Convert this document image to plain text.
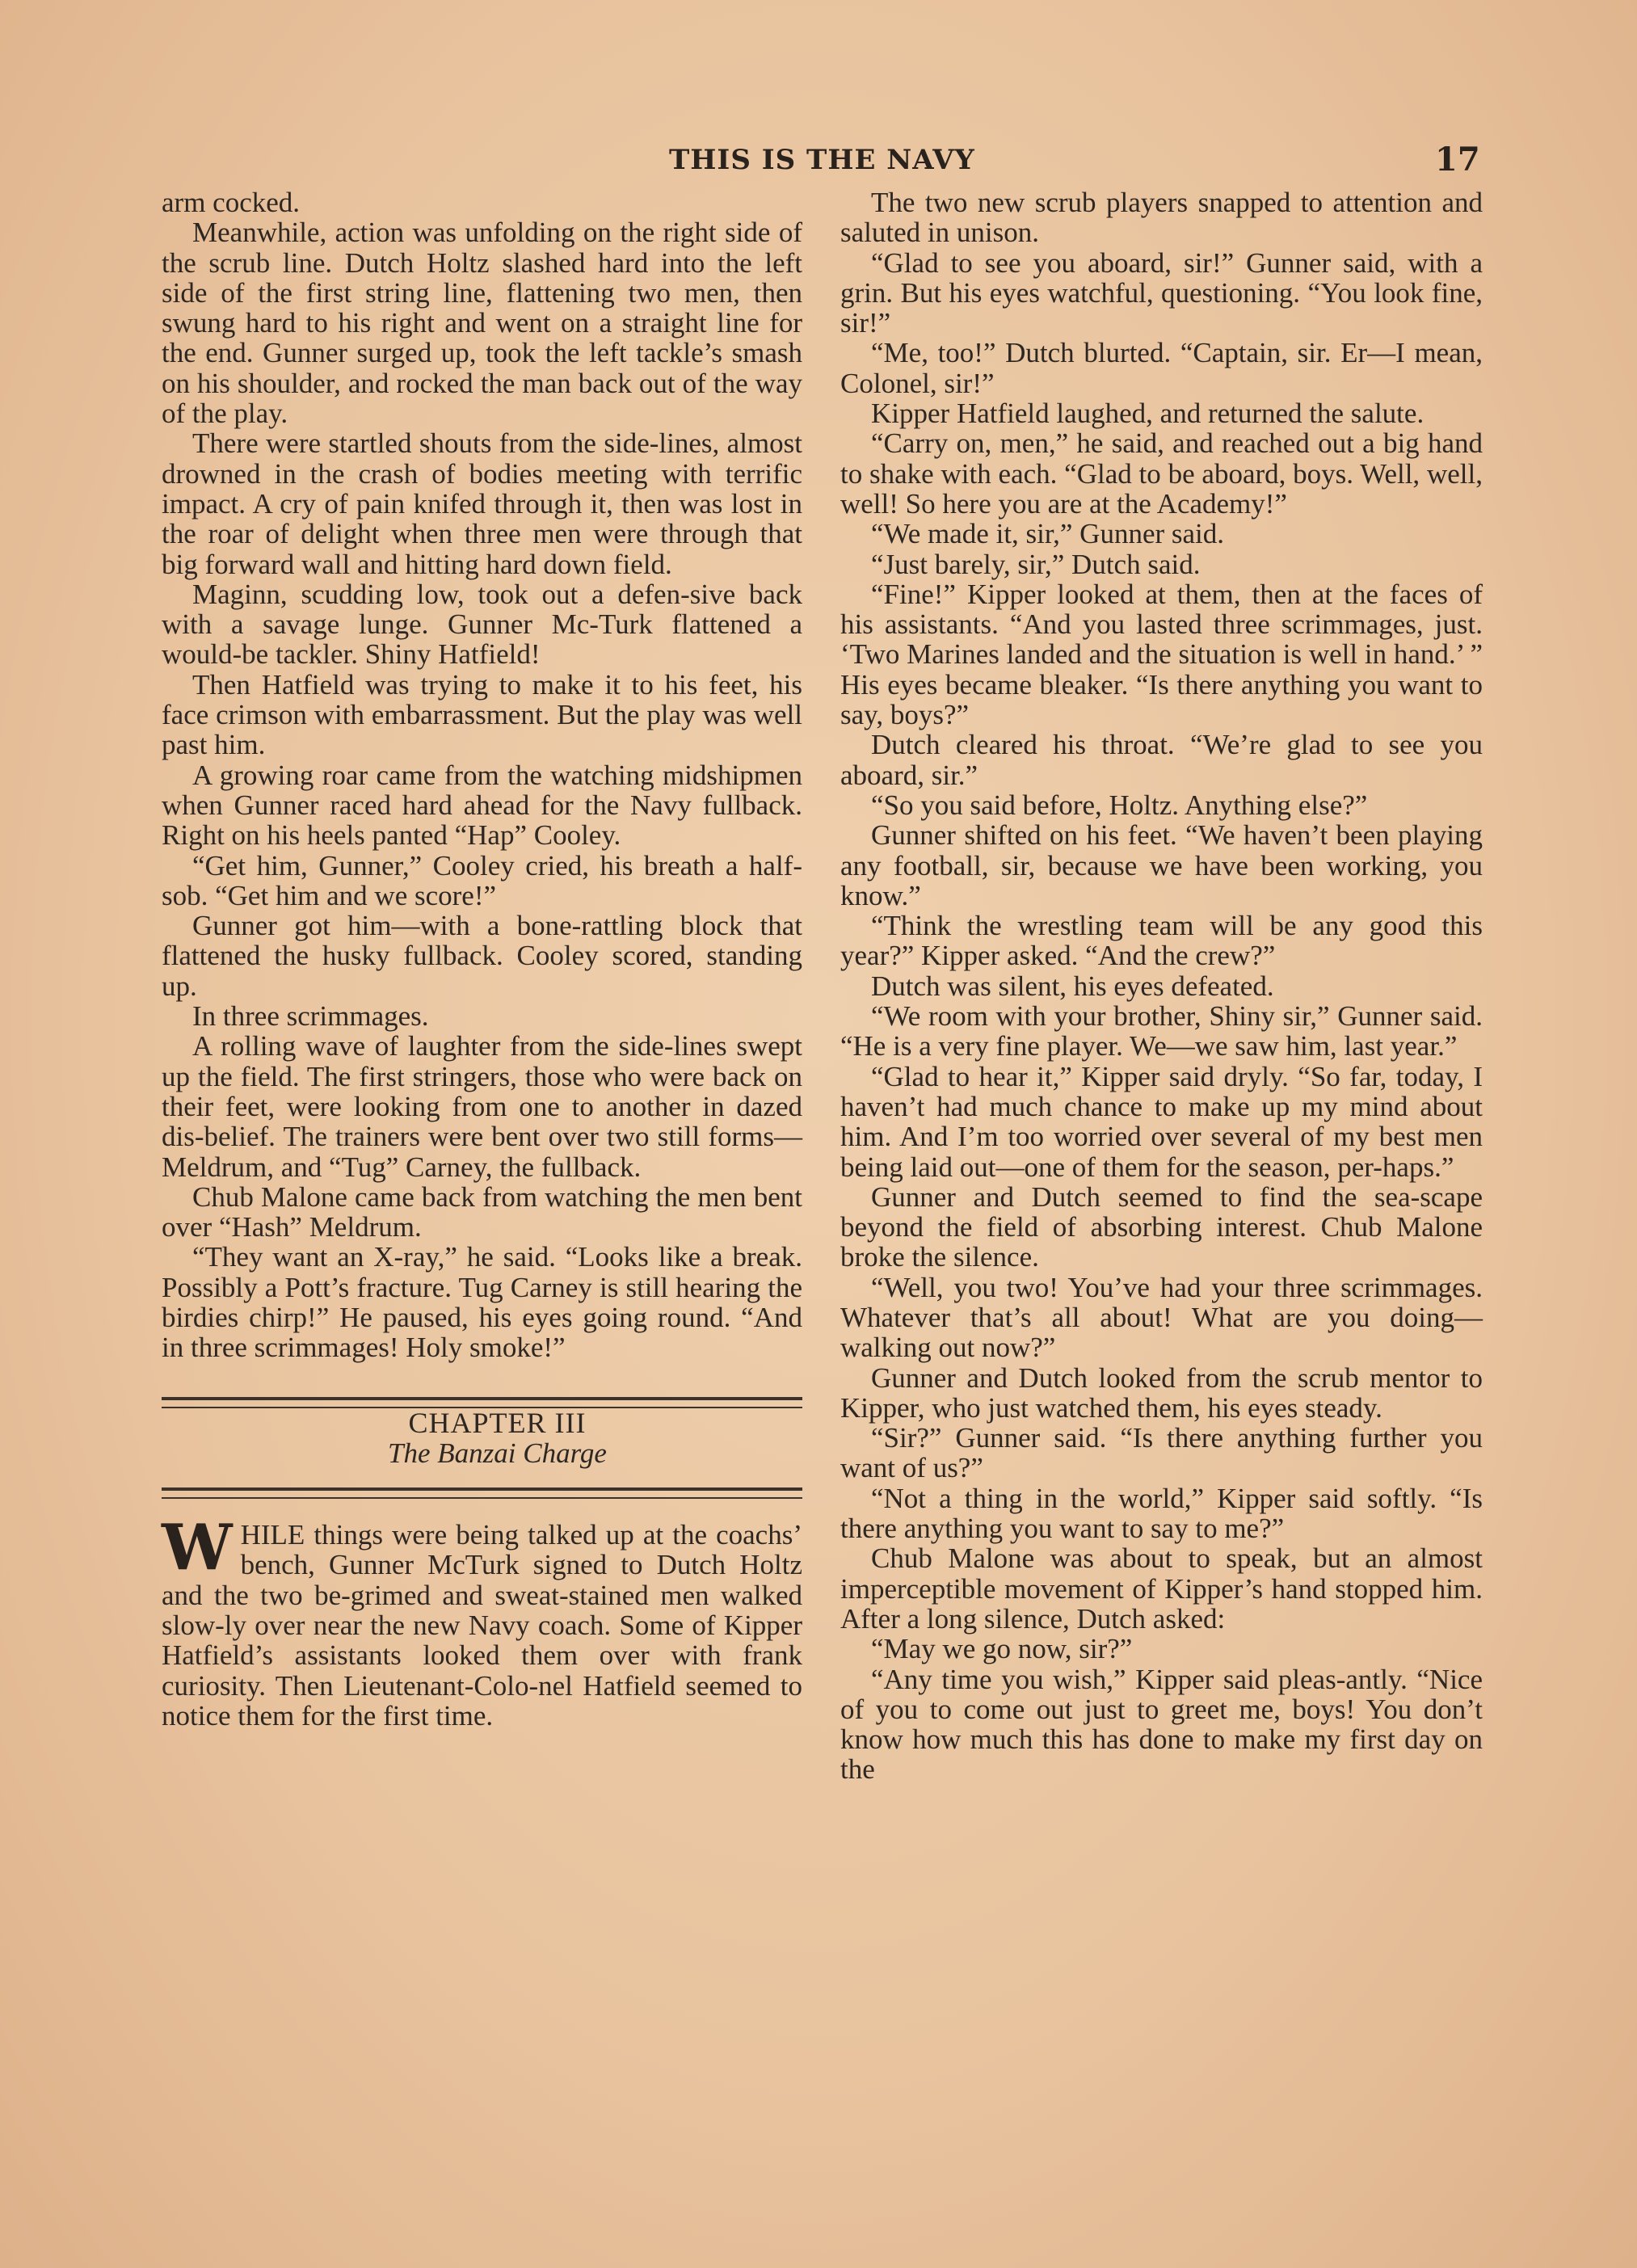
THIS IS THE NAVY	17

arm cocked.

Meanwhile, action was unfolding on the right side of the scrub line. Dutch Holtz slashed hard into the left side of the first string line, flattening two men, then swung hard to his right and went on a straight line for the end. Gunner surged up, took the left tackle’s smash on his shoulder, and rocked the man back out of the way of the play.

There were startled shouts from the side-lines, almost drowned in the crash of bodies meeting with terrific impact. A cry of pain knifed through it, then was lost in the roar of delight when three men were through that big forward wall and hitting hard down field.

Maginn, scudding low, took out a defen-sive back with a savage lunge. Gunner Mc-Turk flattened a would-be tackler. Shiny Hatfield!

Then Hatfield was trying to make it to his feet, his face crimson with embarrassment. But the play was well past him.

A growing roar came from the watching midshipmen when Gunner raced hard ahead for the Navy fullback. Right on his heels panted “Hap” Cooley.

“Get him, Gunner,” Cooley cried, his breath a half-sob. “Get him and we score!”

Gunner got him—with a bone-rattling block that flattened the husky fullback. Cooley scored, standing up.

In three scrimmages.

A rolling wave of laughter from the side-lines swept up the field. The first stringers, those who were back on their feet, were looking from one to another in dazed dis-belief. The trainers were bent over two still forms—Meldrum, and “Tug” Carney, the fullback.

Chub Malone came back from watching the men bent over “Hash” Meldrum.

“They want an X-ray,” he said. “Looks like a break. Possibly a Pott’s fracture. Tug Carney is still hearing the birdies chirp!” He paused, his eyes going round. “And in three scrimmages! Holy smoke!”

CHAPTER III

The Banzai Charge

WHILE things were being talked up at the coachs’ bench, Gunner McTurk signed to Dutch Holtz and the two be-grimed and sweat-stained men walked slow-ly over near the new Navy coach. Some of Kipper Hatfield’s assistants looked them over with frank curiosity. Then Lieutenant-Colo-nel Hatfield seemed to notice them for the first time.

The two new scrub players snapped to attention and saluted in unison.

“Glad to see you aboard, sir!” Gunner said, with a grin. But his eyes watchful, questioning. “You look fine, sir!”

“Me, too!” Dutch blurted. “Captain, sir. Er—I mean, Colonel, sir!”

Kipper Hatfield laughed, and returned the salute.

“Carry on, men,” he said, and reached out a big hand to shake with each. “Glad to be aboard, boys. Well, well, well! So here you are at the Academy!”

“We made it, sir,” Gunner said.

“Just barely, sir,” Dutch said.

“Fine!” Kipper looked at them, then at the faces of his assistants. “And you lasted three scrimmages, just. ‘Two Marines landed and the situation is well in hand.’ ” His eyes became bleaker. “Is there anything you want to say, boys?”

Dutch cleared his throat. “We’re glad to see you aboard, sir.”

“So you said before, Holtz. Anything else?”

Gunner shifted on his feet. “We haven’t been playing any football, sir, because we have been working, you know.”

“Think the wrestling team will be any good this year?” Kipper asked. “And the crew?”

Dutch was silent, his eyes defeated.

“We room with your brother, Shiny sir,” Gunner said. “He is a very fine player. We—we saw him, last year.”

“Glad to hear it,” Kipper said dryly. “So far, today, I haven’t had much chance to make up my mind about him. And I’m too worried over several of my best men being laid out—one of them for the season, per-haps.”

Gunner and Dutch seemed to find the sea-scape beyond the field of absorbing interest. Chub Malone broke the silence.

“Well, you two! You’ve had your three scrimmages. Whatever that’s all about! What are you doing—walking out now?”

Gunner and Dutch looked from the scrub mentor to Kipper, who just watched them, his eyes steady.

“Sir?” Gunner said. “Is there anything further you want of us?”

“Not a thing in the world,” Kipper said softly. “Is there anything you want to say to me?”

Chub Malone was about to speak, but an almost imperceptible movement of Kipper’s hand stopped him. After a long silence, Dutch asked:

“May we go now, sir?”

“Any time you wish,” Kipper said pleas-antly. “Nice of you to come out just to greet me, boys! You don’t know how much this has done to make my first day on the
